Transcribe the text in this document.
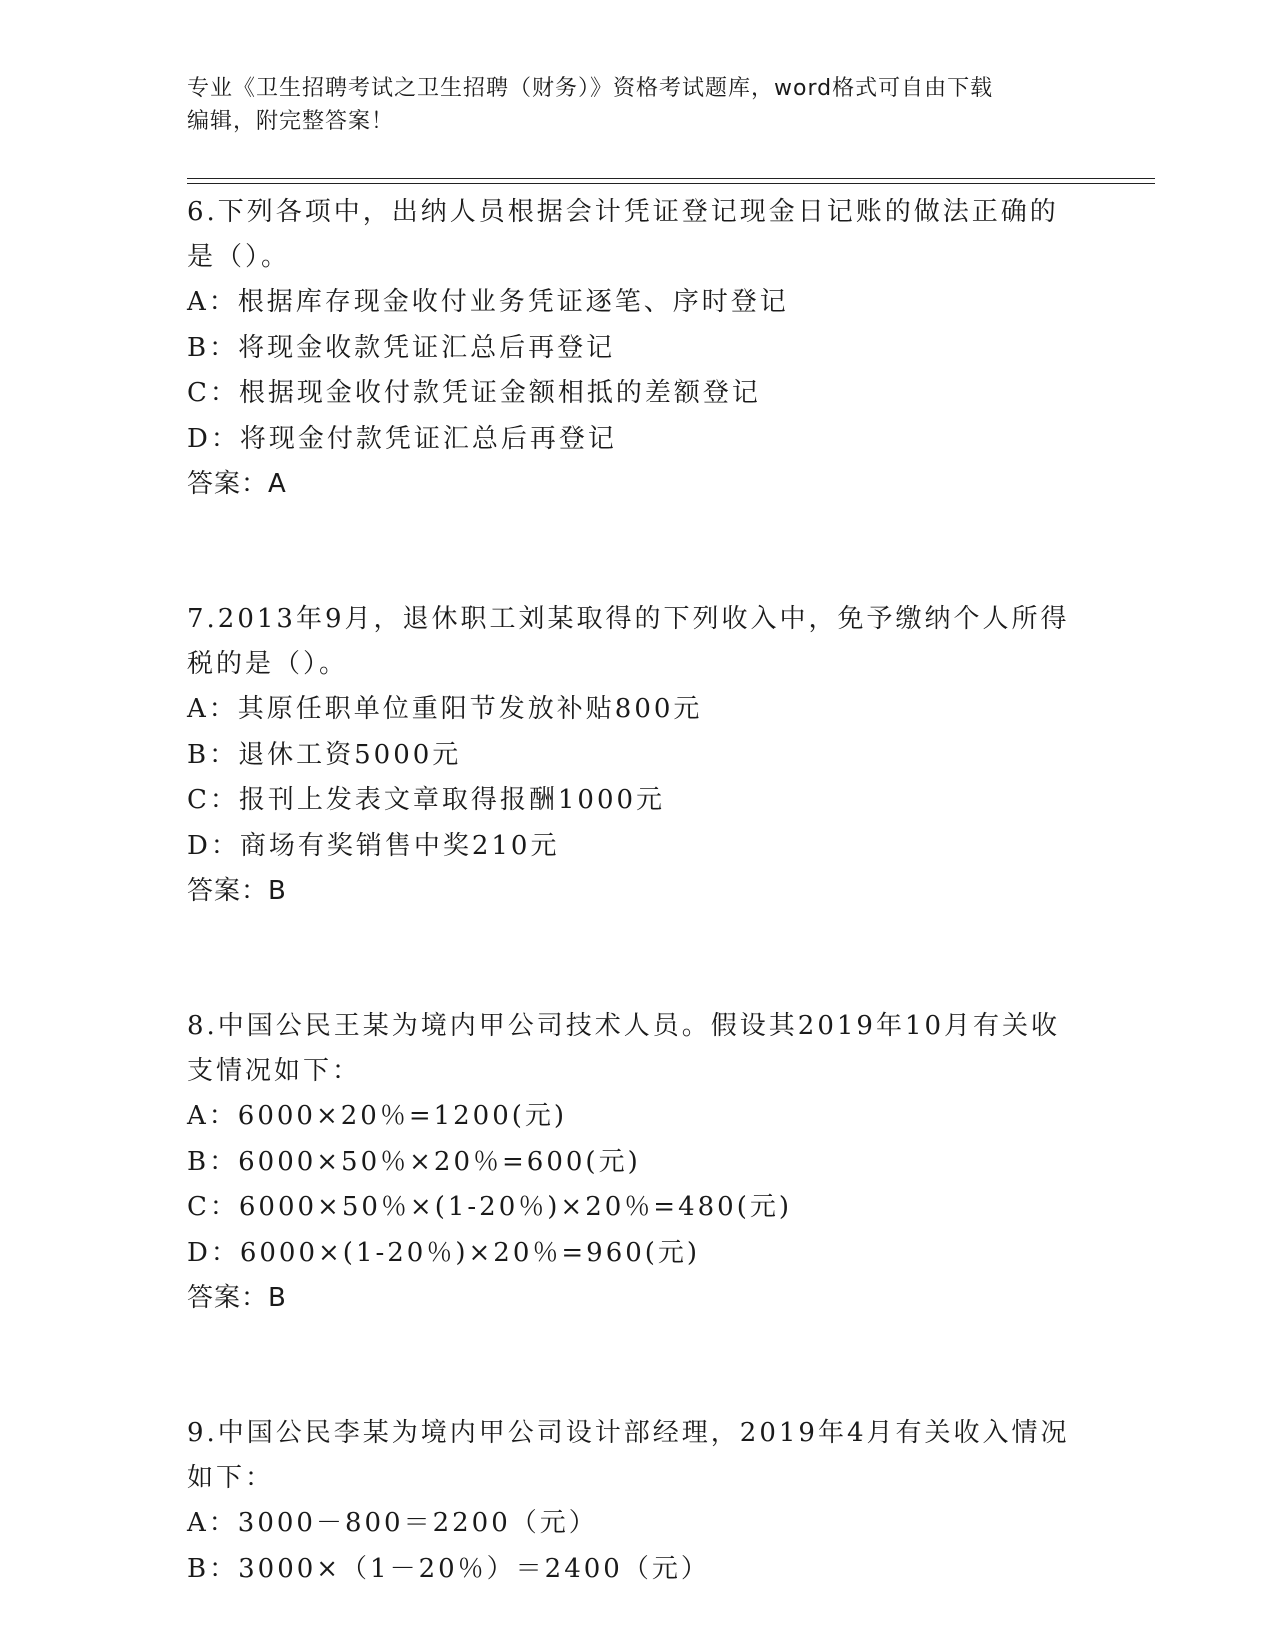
专业《卫生招聘考试之卫生招聘（财务）》资格考试题库，word格式可自由下载
编辑，附完整答案！
6.下列各项中，出纳人员根据会计凭证登记现金日记账的做法正确的
是（）。
A：根据库存现金收付业务凭证逐笔、序时登记
B：将现金收款凭证汇总后再登记
C：根据现金收付款凭证金额相抵的差额登记
D：将现金付款凭证汇总后再登记
答案：A
7.2013年9月，退休职工刘某取得的下列收入中，免予缴纳个人所得
税的是（）。
A：其原任职单位重阳节发放补贴800元
B：退休工资5000元
C：报刊上发表文章取得报酬1000元
D：商场有奖销售中奖210元
答案：B
8.中国公民王某为境内甲公司技术人员。假设其2019年10月有关收
支情况如下：
A：6000×20％=1200(元)
B：6000×50％×20％=600(元)
C：6000×50％×(1-20％)×20％=480(元)
D：6000×(1-20％)×20％=960(元)
答案：B
9.中国公民李某为境内甲公司设计部经理，2019年4月有关收入情况
如下：
A：3000－800＝2200（元）
B：3000×（1－20％）＝2400（元）
